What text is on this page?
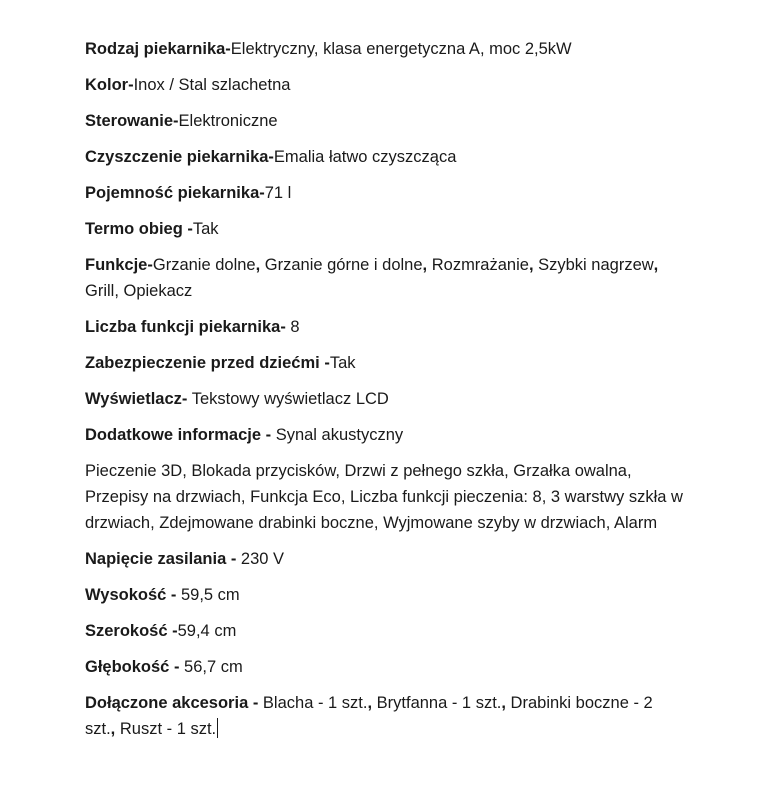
Rodzaj piekarnika-Elektryczny, klasa energetyczna A, moc 2,5kW

Kolor-Inox / Stal szlachetna

Sterowanie-Elektroniczne

Czyszczenie piekarnika-Emalia łatwo czyszcząca

Pojemność piekarnika-71 l

Termo obieg -Tak

Funkcje-Grzanie dolne, Grzanie górne i dolne, Rozmrażanie, Szybki nagrzew, Grill, Opiekacz

Liczba funkcji piekarnika- 8

Zabezpieczenie przed dziećmi -Tak

Wyświetlacz- Tekstowy wyświetlacz LCD

Dodatkowe informacje - Synal akustyczny

Pieczenie 3D, Blokada przycisków, Drzwi z pełnego szkła, Grzałka owalna, Przepisy na drzwiach, Funkcja Eco, Liczba funkcji pieczenia: 8, 3 warstwy szkła w drzwiach, Zdejmowane drabinki boczne, Wyjmowane szyby w drzwiach, Alarm

Napięcie zasilania - 230 V

Wysokość - 59,5 cm

Szerokość -59,4 cm

Głębokość - 56,7 cm

Dołączone akcesoria - Blacha - 1 szt., Brytfanna - 1 szt., Drabinki boczne - 2 szt., Ruszt - 1 szt.
